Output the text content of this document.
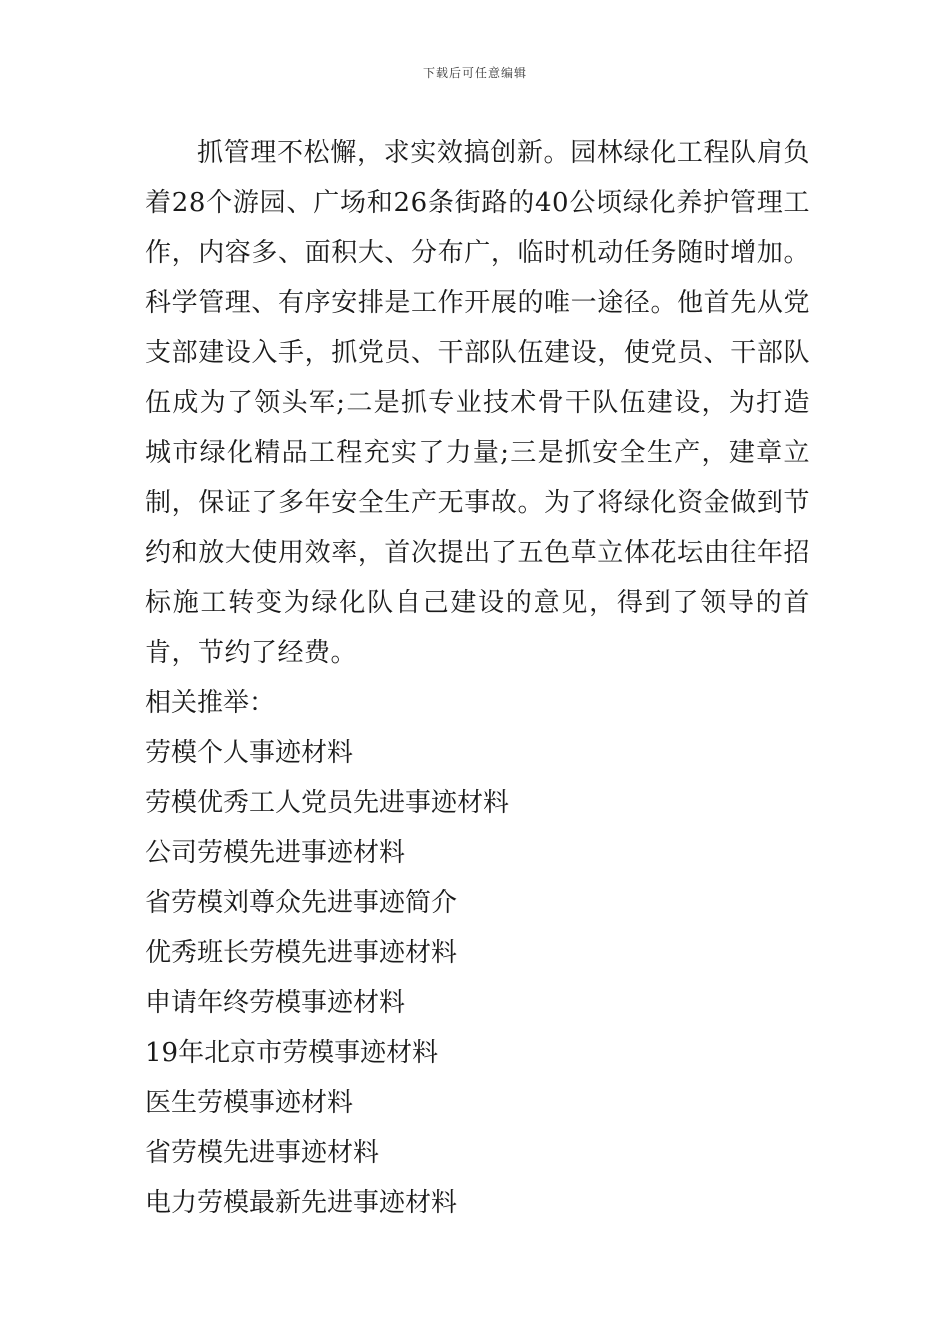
下载后可任意编辑

抓管理不松懈，求实效搞创新。园林绿化工程队肩负着28个游园、广场和26条街路的40公顷绿化养护管理工作，内容多、面积大、分布广，临时机动任务随时增加。科学管理、有序安排是工作开展的唯一途径。他首先从党支部建设入手，抓党员、干部队伍建设，使党员、干部队伍成为了领头军;二是抓专业技术骨干队伍建设，为打造城市绿化精品工程充实了力量;三是抓安全生产，建章立制，保证了多年安全生产无事故。为了将绿化资金做到节约和放大使用效率，首次提出了五色草立体花坛由往年招标施工转变为绿化队自己建设的意见，得到了领导的首肯，节约了经费。

相关推举：

劳模个人事迹材料
劳模优秀工人党员先进事迹材料
公司劳模先进事迹材料
省劳模刘尊众先进事迹简介
优秀班长劳模先进事迹材料
申请年终劳模事迹材料
19年北京市劳模事迹材料
医生劳模事迹材料
省劳模先进事迹材料
电力劳模最新先进事迹材料
